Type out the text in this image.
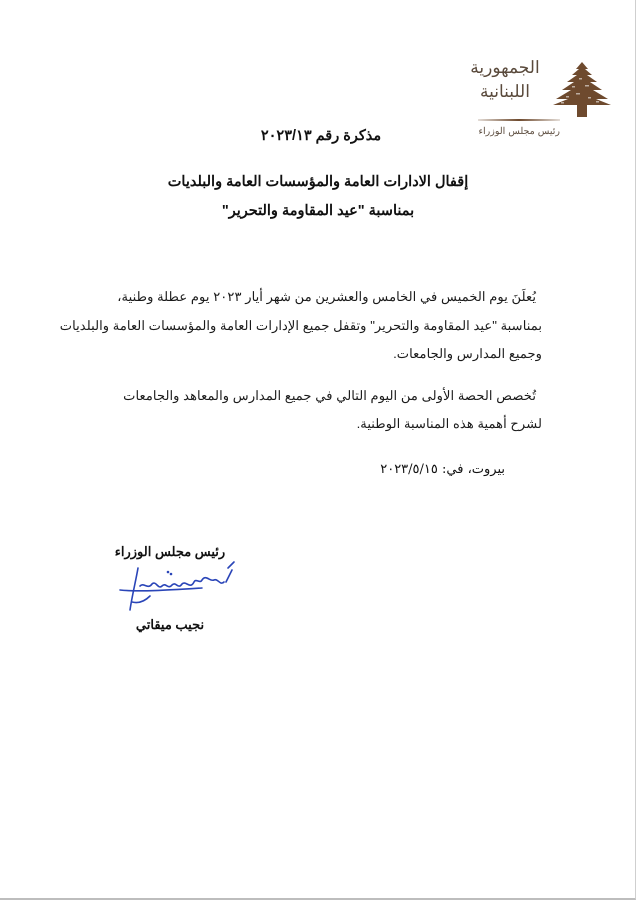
الجمهورية
اللبنانية
رئيس مجلس الوزراء
مذكرة رقم ٢٠٢٣/١٣
إقفال الادارات العامة والمؤسسات العامة والبلديات
بمناسبة "عيد المقاومة والتحرير"
يُعلَنَ يوم الخميس في الخامس والعشرين من شهر أيار ٢٠٢٣ يوم عطلة وطنية،
بمناسبة "عيد المقاومة والتحرير" وتقفل جميع الإدارات العامة والمؤسسات العامة والبلديات
وجميع المدارس والجامعات.
تُخصص الحصة الأولى من اليوم التالي في جميع المدارس والمعاهد والجامعات
لشرح أهمية هذه المناسبة الوطنية.
بيروت، في: ٢٠٢٣/٥/١٥
رئيس مجلس الوزراء
نجيب ميقاتي
